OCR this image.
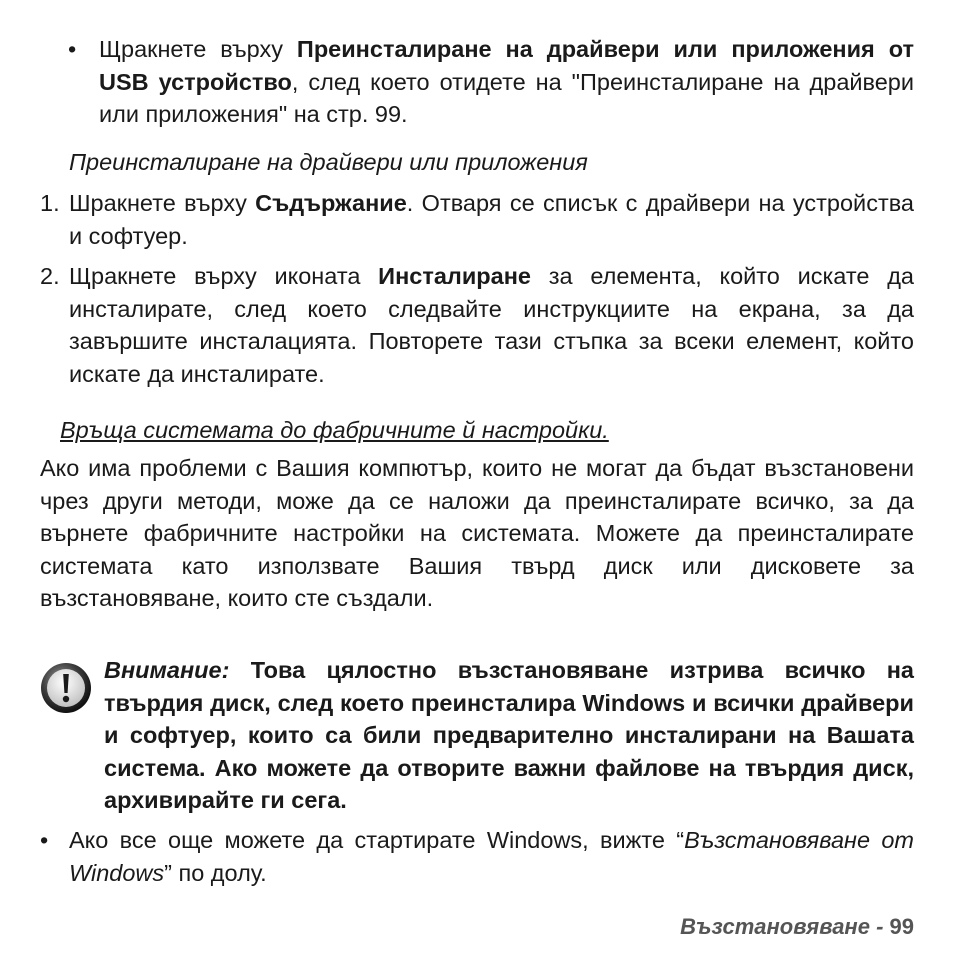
• Щракнете върху Преинсталиране на драйвери или приложения от USB устройство, след което отидете на "Преинсталиране на драйвери или приложения" на стр. 99.
Преинсталиране на драйвери или приложения
1. Шракнете върху Съдържание. Отваря се списък с драйвери на устройства и софтуер.
2. Щракнете върху иконата Инсталиране за елемента, който искате да инсталирате, след което следвайте инструкциите на екрана, за да завършите инсталацията. Повторете тази стъпка за всеки елемент, който искате да инсталирате.
Връща системата до фабричните й настройки.
Ако има проблеми с Вашия компютър, които не могат да бъдат възстановени чрез други методи, може да се наложи да преинсталирате всичко, за да върнете фабричните настройки на системата. Можете да преинсталирате системата като използвате Вашия твърд диск или дисковете за възстановяване, които сте създали.
Внимание: Това цялостно възстановяване изтрива всичко на твърдия диск, след което преинсталира Windows и всички драйвери и софтуер, които са били предварително инсталирани на Вашата система. Ако можете да отворите важни файлове на твърдия диск, архивирайте ги сега.
• Ако все още можете да стартирате Windows, вижте “Възстановяване от Windows” по долу.
Възстановяване - 99
